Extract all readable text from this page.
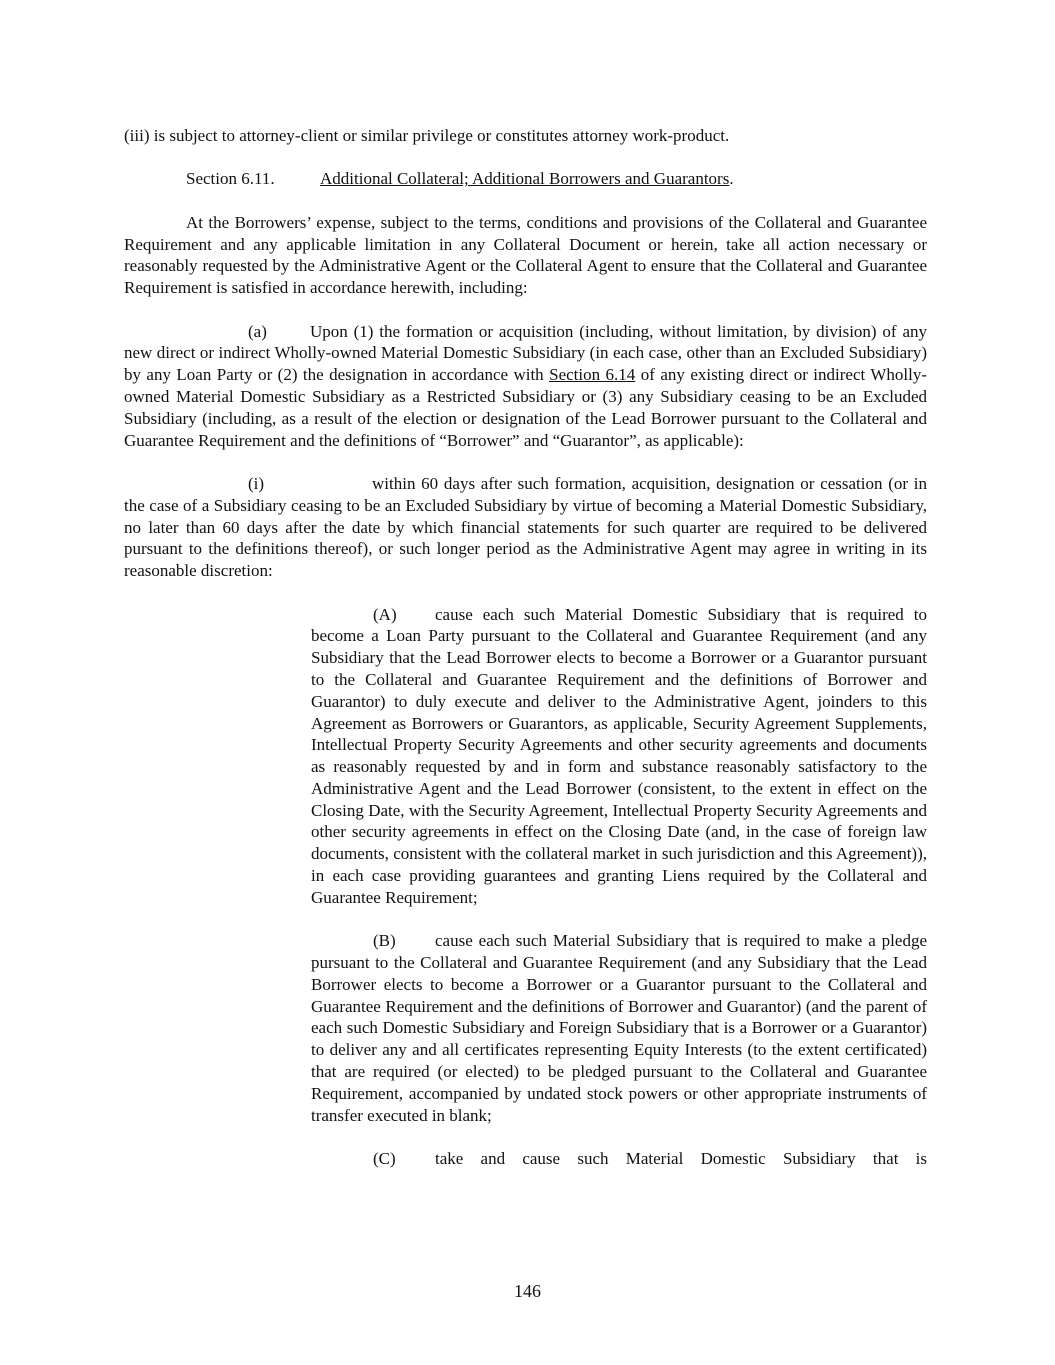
(iii) is subject to attorney-client or similar privilege or constitutes attorney work-product.

Section 6.11.	Additional Collateral; Additional Borrowers and Guarantors.

At the Borrowers’ expense, subject to the terms, conditions and provisions of the Collateral and Guarantee Requirement and any applicable limitation in any Collateral Document or herein, take all action necessary or reasonably requested by the Administrative Agent or the Collateral Agent to ensure that the Collateral and Guarantee Requirement is satisfied in accordance herewith, including:

(a)	Upon (1) the formation or acquisition (including, without limitation, by division) of any new direct or indirect Wholly-owned Material Domestic Subsidiary (in each case, other than an Excluded Subsidiary) by any Loan Party or (2) the designation in accordance with Section 6.14 of any existing direct or indirect Wholly-owned Material Domestic Subsidiary as a Restricted Subsidiary or (3) any Subsidiary ceasing to be an Excluded Subsidiary (including, as a result of the election or designation of the Lead Borrower pursuant to the Collateral and Guarantee Requirement and the definitions of “Borrower” and “Guarantor”, as applicable):

(i)	within 60 days after such formation, acquisition, designation or cessation (or in the case of a Subsidiary ceasing to be an Excluded Subsidiary by virtue of becoming a Material Domestic Subsidiary, no later than 60 days after the date by which financial statements for such quarter are required to be delivered pursuant to the definitions thereof), or such longer period as the Administrative Agent may agree in writing in its reasonable discretion:

(A) cause each such Material Domestic Subsidiary that is required to become a Loan Party pursuant to the Collateral and Guarantee Requirement (and any Subsidiary that the Lead Borrower elects to become a Borrower or a Guarantor pursuant to the Collateral and Guarantee Requirement and the definitions of Borrower and Guarantor) to duly execute and deliver to the Administrative Agent, joinders to this Agreement as Borrowers or Guarantors, as applicable, Security Agreement Supplements, Intellectual Property Security Agreements and other security agreements and documents as reasonably requested by and in form and substance reasonably satisfactory to the Administrative Agent and the Lead Borrower (consistent, to the extent in effect on the Closing Date, with the Security Agreement, Intellectual Property Security Agreements and other security agreements in effect on the Closing Date (and, in the case of foreign law documents, consistent with the collateral market in such jurisdiction and this Agreement)), in each case providing guarantees and granting Liens required by the Collateral and Guarantee Requirement;

(B) cause each such Material Subsidiary that is required to make a pledge pursuant to the Collateral and Guarantee Requirement (and any Subsidiary that the Lead Borrower elects to become a Borrower or a Guarantor pursuant to the Collateral and Guarantee Requirement and the definitions of Borrower and Guarantor) (and the parent of each such Domestic Subsidiary and Foreign Subsidiary that is a Borrower or a Guarantor) to deliver any and all certificates representing Equity Interests (to the extent certificated) that are required (or elected) to be pledged pursuant to the Collateral and Guarantee Requirement, accompanied by undated stock powers or other appropriate instruments of transfer executed in blank;

(C) take and cause such Material Domestic Subsidiary that is

146
